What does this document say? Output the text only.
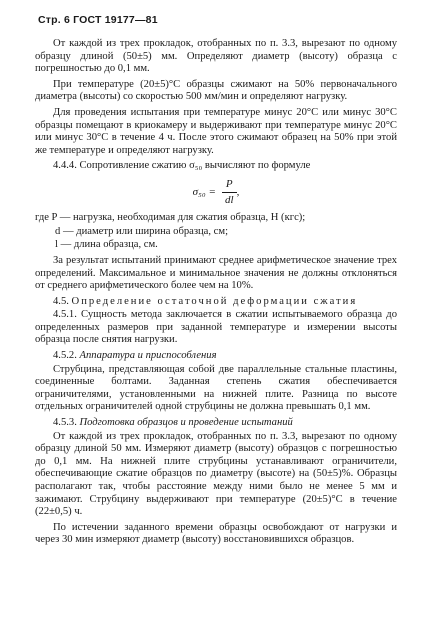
Стр. 6 ГОСТ 19177—81

От каждой из трех прокладок, отобранных по п. 3.3, вырезают по одному образцу длиной (50±5) мм. Определяют диаметр (высоту) образца с погрешностью до 0,1 мм.

При температуре (20±5)°С образцы сжимают на 50% первоначального диаметра (высоты) со скоростью 500 мм/мин и определяют нагрузку.

Для проведения испытания при температуре минус 20°С или минус 30°С образцы помещают в криокамеру и выдерживают при температуре минус 20°С или минус 30°С в течение 4 ч. После этого сжимают образец на 50% при этой же температуре и определяют нагрузку.

4.4.4. Сопротивление сжатию σ₅₀ вычисляют по формуле

$\sigma_{50} = \frac{P}{dl}$ ,

где P — нагрузка, необходимая для сжатия образца, Н (кгс);

d — диаметр или ширина образца, см;

l — длина образца, см.

За результат испытаний принимают среднее арифметическое значение трех определений. Максимальное и минимальное значения не должны отклоняться от среднего арифметического более чем на 10%.

4.5. Определение остаточной деформации сжатия

4.5.1. Сущность метода заключается в сжатии испытываемого образца до определенных размеров при заданной температуре и измерении высоты образца после снятия нагрузки.

4.5.2. Аппаратура и приспособления

Струбцина, представляющая собой две параллельные стальные пластины, соединенные болтами. Заданная степень сжатия обеспечивается ограничителями, установленными на нижней плите. Разница по высоте отдельных ограничителей одной струбцины не должна превышать 0,1 мм.

4.5.3. Подготовка образцов и проведение испытаний

От каждой из трех прокладок, отобранных по п. 3.3, вырезают по одному образцу длиной 50 мм. Измеряют диаметр (высоту) образцов с погрешностью до 0,1 мм. На нижней плите струбцины устанавливают ограничители, обеспечивающие сжатие образцов по диаметру (высоте) на (50±5)%. Образцы располагают так, чтобы расстояние между ними было не менее 5 мм и зажимают. Струбцину выдерживают при температуре (20±5)°С в течение (22±0,5) ч.

По истечении заданного времени образцы освобождают от нагрузки и через 30 мин измеряют диаметр (высоту) восстановившихся образцов.
